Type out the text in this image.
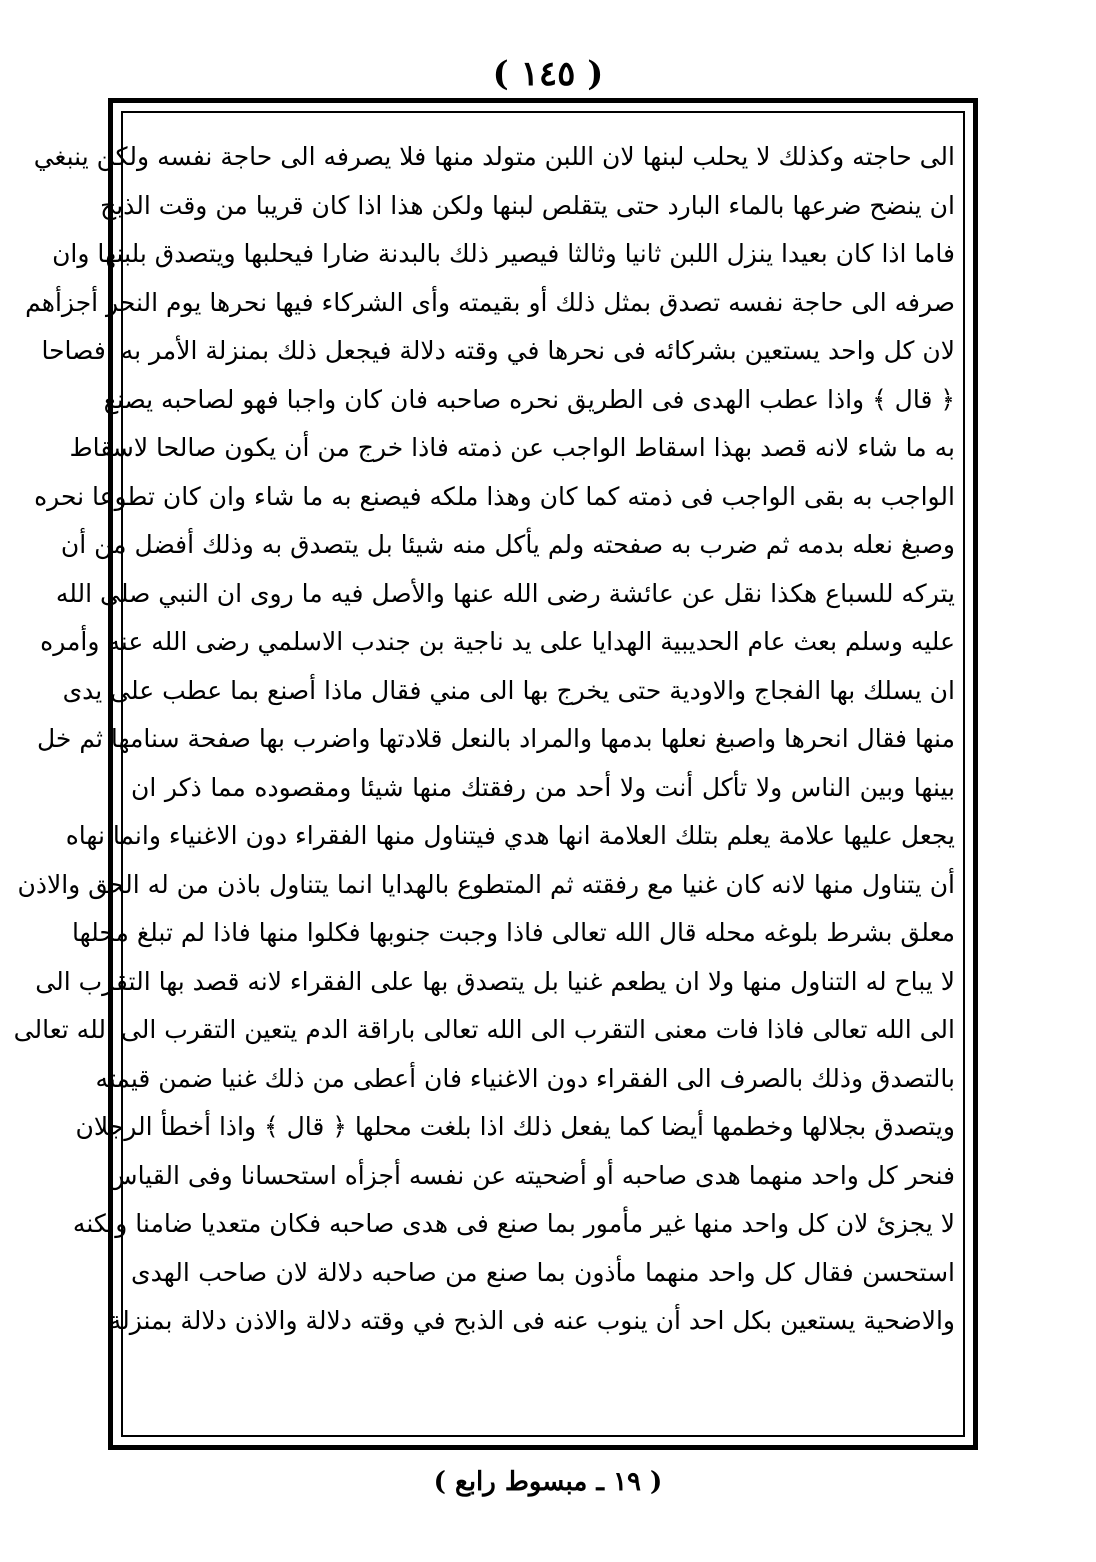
( ١٤٥ )
الى حاجته وكذلك لا يحلب لبنها لان اللبن متولد منها فلا يصرفه الى حاجة نفسه ولكن ينبغي
ان ينضح ضرعها بالماء البارد حتى يتقلص لبنها ولكن هذا اذا كان قريبا من وقت الذبح
فاما اذا كان بعيدا ينزل اللبن ثانيا وثالثا فيصير ذلك بالبدنة ضارا فيحلبها ويتصدق بلبنها وان
صرفه الى حاجة نفسه تصدق بمثل ذلك أو بقيمته وأى الشركاء فيها نحرها يوم النحر أجزأهم
لان كل واحد يستعين بشركائه فى نحرها في وقته دلالة فيجعل ذلك بمنزلة الأمر به افصاحا
﴿ قال ﴾ واذا عطب الهدى فى الطريق نحره صاحبه فان كان واجبا فهو لصاحبه يصنع
به ما شاء لانه قصد بهذا اسقاط الواجب عن ذمته فاذا خرج من أن يكون صالحا لاسقاط
الواجب به بقى الواجب فى ذمته كما كان وهذا ملكه فيصنع به ما شاء وان كان تطوعا نحره
وصبغ نعله بدمه ثم ضرب به صفحته ولم يأكل منه شيئا بل يتصدق به وذلك أفضل من أن
يتركه للسباع هكذا نقل عن عائشة رضى الله عنها والأصل فيه ما روى ان النبي صلى الله
عليه وسلم بعث عام الحديبية الهدايا على يد ناجية بن جندب الاسلمي رضى الله عنه وأمره
ان يسلك بها الفجاج والاودية حتى يخرج بها الى مني فقال ماذا أصنع بما عطب على يدى
منها فقال انحرها واصبغ نعلها بدمها والمراد بالنعل قلادتها واضرب بها صفحة سنامها ثم خل
بينها وبين الناس ولا تأكل أنت ولا أحد من رفقتك منها شيئا ومقصوده مما ذكر ان
يجعل عليها علامة يعلم بتلك العلامة انها هدي فيتناول منها الفقراء دون الاغنياء وانما نهاه
أن يتناول منها لانه كان غنيا مع رفقته ثم المتطوع بالهدايا انما يتناول باذن من له الحق والاذن
معلق بشرط بلوغه محله قال الله تعالى فاذا وجبت جنوبها فكلوا منها فاذا لم تبلغ محلها
لا يباح له التناول منها ولا ان يطعم غنيا بل يتصدق بها على الفقراء لانه قصد بها التقرب الى
الى الله تعالى فاذا فات معنى التقرب الى الله تعالى باراقة الدم يتعين التقرب الى الله تعالى
بالتصدق وذلك بالصرف الى الفقراء دون الاغنياء فان أعطى من ذلك غنيا ضمن قيمته
ويتصدق بجلالها وخطمها أيضا كما يفعل ذلك اذا بلغت محلها ﴿ قال ﴾ واذا أخطأ الرجلان
فنحر كل واحد منهما هدى صاحبه أو أضحيته عن نفسه أجزأه استحسانا وفى القياس
لا يجزئ لان كل واحد منها غير مأمور بما صنع فى هدى صاحبه فكان متعديا ضامنا ولكنه
استحسن فقال كل واحد منهما مأذون بما صنع من صاحبه دلالة لان صاحب الهدى
والاضحية يستعين بكل احد أن ينوب عنه فى الذبح في وقته دلالة والاذن دلالة بمنزلة
( ١٩ ـ مبسوط رابع )
